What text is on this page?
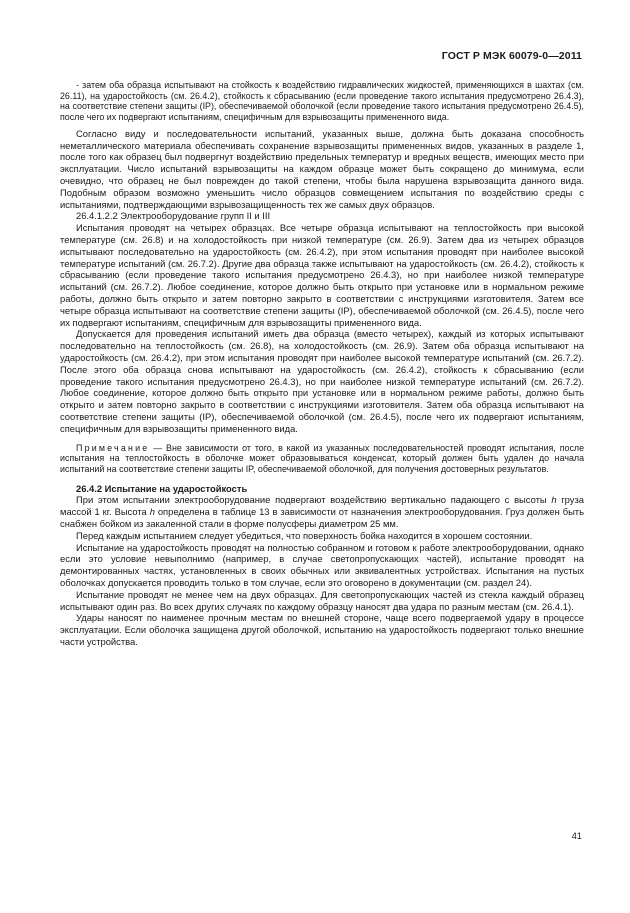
ГОСТ Р МЭК 60079-0—2011

- затем оба образца испытывают на стойкость к воздействию гидравлических жидкостей, применяющихся в шахтах (см. 26.11), на ударостойкость (см. 26.4.2), стойкость к сбрасыванию (если проведение такого испытания предусмотрено 26.4.3), на соответствие степени защиты (IP), обеспечиваемой оболочкой (если проведение такого испытания предусмотрено 26.4.5), после чего их подвергают испытаниям, специфичным для взрывозащиты примененного вида.

Согласно виду и последовательности испытаний, указанных выше, должна быть доказана способность неметаллического материала обеспечивать сохранение взрывозащиты примененных видов, указанных в разделе 1, после того как образец был подвергнут воздействию предельных температур и вредных веществ, имеющих место при эксплуатации. Число испытаний взрывозащиты на каждом образце может быть сокращено до минимума, если очевидно, что образец не был поврежден до такой степени, чтобы была нарушена взрывозащита данного вида. Подобным образом возможно уменьшить число образцов совмещением испытания по воздействию среды с испытаниями, подтверждающими взрывозащищенность тех же самых двух образцов.

26.4.1.2.2 Электрооборудование групп II и III

Испытания проводят на четырех образцах. Все четыре образца испытывают на теплостойкость при высокой температуре (см. 26.8) и на холодостойкость при низкой температуре (см. 26.9). Затем два из четырех образцов испытывают последовательно на ударостойкость (см. 26.4.2), при этом испытания проводят при наиболее высокой температуре испытаний (см. 26.7.2). Другие два образца также испытывают на ударостойкость (см. 26.4.2), стойкость к сбрасыванию (если проведение такого испытания предусмотрено 26.4.3), но при наиболее низкой температуре испытаний (см. 26.7.2). Любое соединение, которое должно быть открыто при установке или в нормальном режиме работы, должно быть открыто и затем повторно закрыто в соответствии с инструкциями изготовителя. Затем все четыре образца испытывают на соответствие степени защиты (IP), обеспечиваемой оболочкой (см. 26.4.5), после чего их подвергают испытаниям, специфичным для взрывозащиты примененного вида.

Допускается для проведения испытаний иметь два образца (вместо четырех), каждый из которых испытывают последовательно на теплостойкость (см. 26.8), на холодостойкость (см. 26.9). Затем оба образца испытывают на ударостойкость (см. 26.4.2), при этом испытания проводят при наиболее высокой температуре испытаний (см. 26.7.2). После этого оба образца снова испытывают на ударостойкость (см. 26.4.2), стойкость к сбрасыванию (если проведение такого испытания предусмотрено 26.4.3), но при наиболее низкой температуре испытаний (см. 26.7.2). Любое соединение, которое должно быть открыто при установке или в нормальном режиме работы, должно быть открыто и затем повторно закрыто в соответствии с инструкциями изготовителя. Затем оба образца испытывают на соответствие степени защиты (IP), обеспечиваемой оболочкой (см. 26.4.5), после чего их подвергают испытаниям, специфичным для взрывозащиты примененного вида.

Примечание — Вне зависимости от того, в какой из указанных последовательностей проводят испытания, после испытания на теплостойкость в оболочке может образовываться конденсат, который должен быть удален до начала испытаний на соответствие степени защиты IP, обеспечиваемой оболочкой, для получения достоверных результатов.

26.4.2 Испытание на ударостойкость

При этом испытании электрооборудование подвергают воздействию вертикально падающего с высоты h груза массой 1 кг. Высота h определена в таблице 13 в зависимости от назначения электрооборудования. Груз должен быть снабжен бойком из закаленной стали в форме полусферы диаметром 25 мм.

Перед каждым испытанием следует убедиться, что поверхность бойка находится в хорошем состоянии.

Испытание на ударостойкость проводят на полностью собранном и готовом к работе электрооборудовании, однако если это условие невыполнимо (например, в случае светопропускающих частей), испытание проводят на демонтированных частях, установленных в своих обычных или эквивалентных устройствах. Испытания на пустых оболочках допускается проводить только в том случае, если это оговорено в документации (см. раздел 24).

Испытание проводят не менее чем на двух образцах. Для светопропускающих частей из стекла каждый образец испытывают один раз. Во всех других случаях по каждому образцу наносят два удара по разным местам (см. 26.4.1).

Удары наносят по наименее прочным местам по внешней стороне, чаще всего подвергаемой удару в процессе эксплуатации. Если оболочка защищена другой оболочкой, испытанию на ударостойкость подвергают только внешние части устройства.

41
